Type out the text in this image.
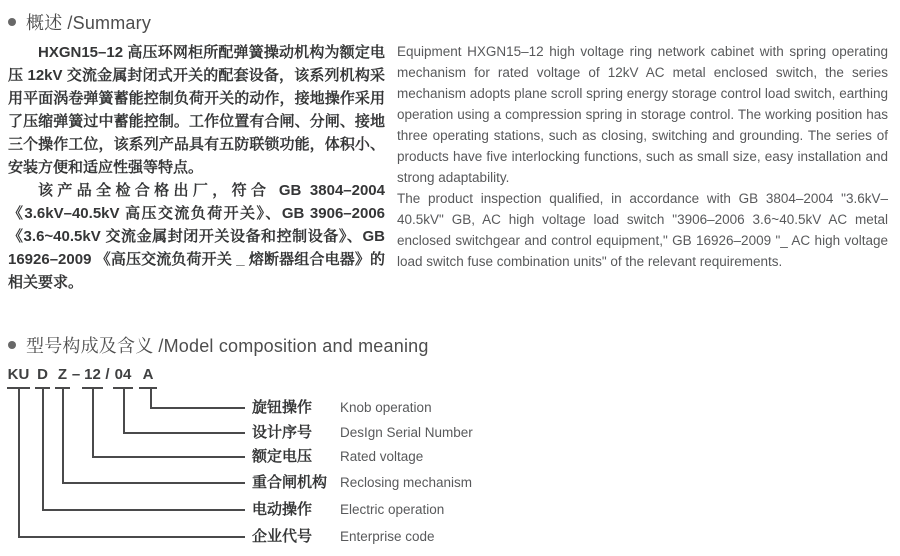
概述 /Summary

HXGN15–12 高压环网柜所配弹簧操动机构为额定电压 12kV 交流金属封闭式开关的配套设备，该系列机构采用平面涡卷弹簧蓄能控制负荷开关的动作，接地操作采用了压缩弹簧过中蓄能控制。工作位置有合闸、分闸、接地三个操作工位，该系列产品具有五防联锁功能，体积小、安装方便和适应性强等特点。

该产品全检合格出厂，符合 GB 3804–2004 《3.6kV–40.5kV 高压交流负荷开关》、GB 3906–2006《3.6~40.5kV 交流金属封闭开关设备和控制设备》、GB 16926–2009 《高压交流负荷开关 _ 熔断器组合电器》的相关要求。

Equipment HXGN15–12 high voltage ring network cabinet with spring operating mechanism for rated voltage of 12kV AC metal enclosed switch, the series mechanism adopts plane scroll spring energy storage control load switch, earthing operation using a compression spring in storage control. The working position has three operating stations, such as closing, switching and grounding. The series of products have five interlocking functions, such as small size, easy installation and strong adaptability.

The product inspection qualified, in accordance with GB 3804–2004 "3.6kV–40.5kV" GB, AC high voltage load switch "3906–2006 3.6~40.5kV AC metal enclosed switchgear and control equipment," GB 16926–2009 "_ AC high voltage load switch fuse combination units" of the relevant requirements.

型号构成及含义 /Model composition and meaning
KU
企业代号 Enterprise code
D
电动操作 Electric operation
Z
重合闸机构 Reclosing mechanism
– 12
额定电压 Rated voltage
/ 04
设计序号 DesIgn Serial Number
A
旋钮操作 Knob operation
